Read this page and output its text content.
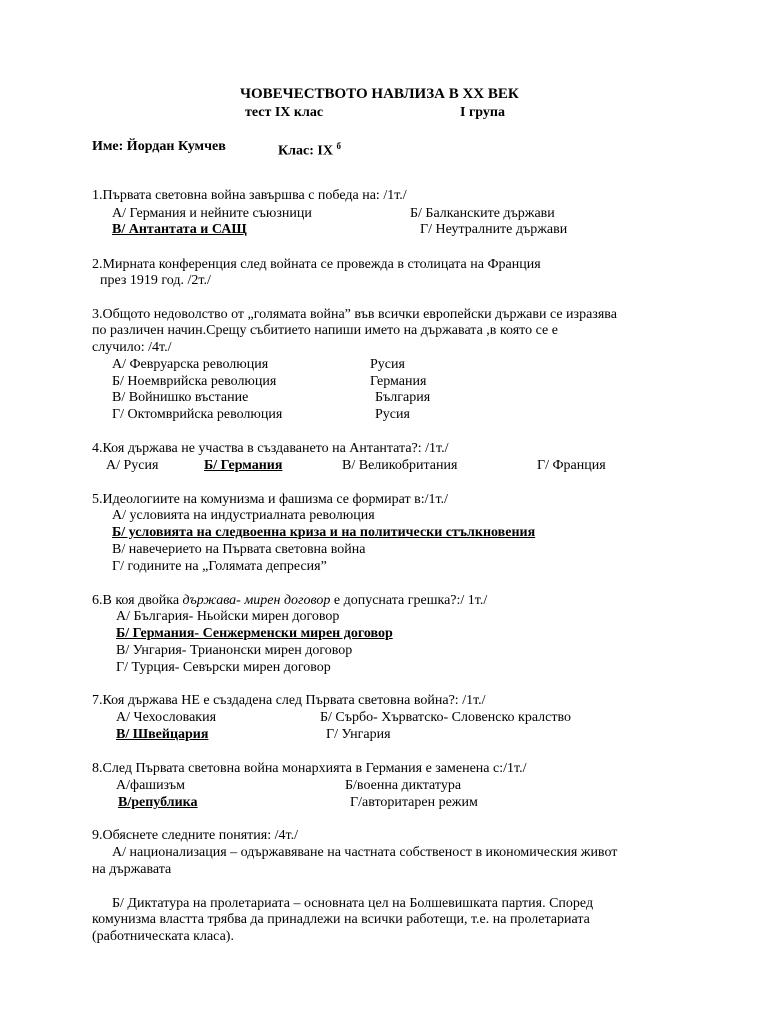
ЧОВЕЧЕСТВОТО НАВЛИЗА В ХХ ВЕК
тест ІХ клас	І група
Име: Йордан Кумчев	Клас: ІХ $^б$
1.Първата световна война завършва с победа на: /1т./
А/ Германия и нейните съюзници	Б/ Балканските държави
В/ Антантата и САЩ	Г/ Неутралните държави
2.Мирната конференция след войната се провежда в столицата на Франция
през 1919 год. /2т./
3.Общото недоволство от „голямата война” във всички европейски държави се изразява
по различен начин.Срещу събитието напиши името на държавата ,в която се е
случило: /4т./
А/ Февруарска революция	Русия
Б/ Ноемврийска революция	Германия
В/ Войнишко въстание	България
Г/ Октомврийска революция	Русия
4.Коя държава не участва в създаването на Антантата?: /1т./
А/ Русия	Б/ Германия	В/ Великобритания	Г/ Франция
5.Идеологиите на комунизма и фашизма се формират в:/1т./
А/ условията на индустриалната революция
Б/ условията на следвоенна криза и на политически стълкновения
В/ навечерието на Първата световна война
Г/ годините на „Голямата депресия”
6.В коя двойка държава- мирен договор е допусната грешка?:/ 1т./
А/ България- Ньойски мирен договор
Б/ Германия- Сенжермeнски мирен договор
В/ Унгария- Трианонски мирен договор
Г/ Турция- Севърски мирен договор
7.Коя държава НЕ е създадена след Първата световна война?: /1т./
А/ Чехословакия	Б/ Сърбо- Хърватско- Словенско кралство
В/ Швейцария	Г/ Унгария
8.След Първата световна война монархията в Германия е заменена с:/1т./
А/фашизъм	Б/военна диктатура
В/република	Г/авторитарен режим
9.Обяснете следните понятия: /4т./
А/ национализация – одържавяване на частната собственост в икономическия живот
на държавата
Б/ Диктатура на пролетариата – основната цел на Болшевишката партия. Според
комунизма властта трябва да принадлежи на всички работещи, т.е. на пролетариата
(работническата класа).
